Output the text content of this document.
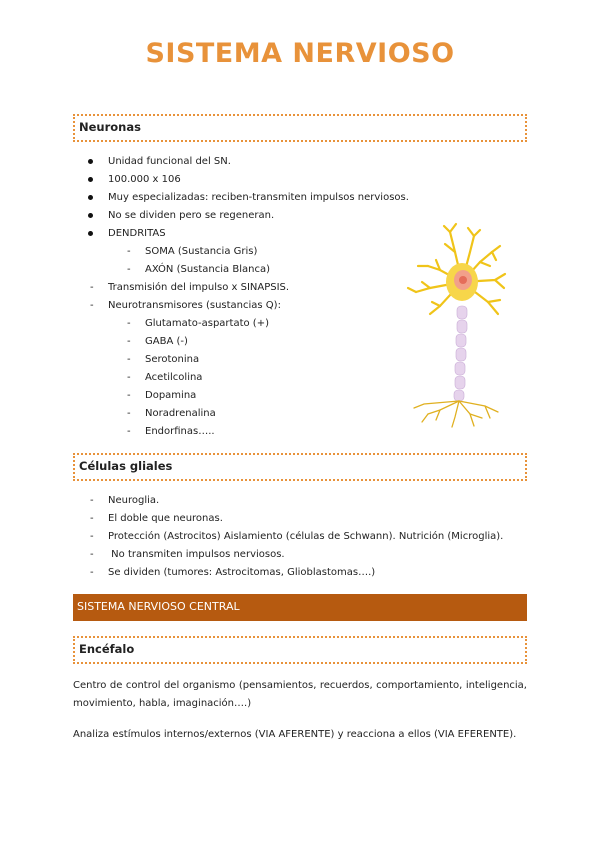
SISTEMA NERVIOSO
Neuronas
Unidad funcional del SN.
100.000 x 106
Muy especializadas: reciben-transmiten impulsos nerviosos.
No se dividen pero se regeneran.
DENDRITAS
- SOMA (Sustancia Gris)
- AXÓN (Sustancia Blanca)
- Transmisión del impulso x SINAPSIS.
- Neurotransmisores (sustancias Q):
- Glutamato-aspartato (+)
- GABA (-)
- Serotonina
- Acetilcolina
- Dopamina
- Noradrenalina
- Endorfinas…..
Células gliales
- Neuroglia.
- El doble que neuronas.
- Protección (Astrocitos) Aislamiento (células de Schwann). Nutrición (Microglia).
-  No transmiten impulsos nerviosos.
- Se dividen (tumores: Astrocitomas, Glioblastomas….)
SISTEMA NERVIOSO CENTRAL
Encéfalo

Centro de control del organismo (pensamientos, recuerdos, comportamiento, inteligencia, movimiento, habla, imaginación….)

Analiza estímulos internos/externos (VIA AFERENTE) y reacciona a ellos (VIA EFERENTE).
